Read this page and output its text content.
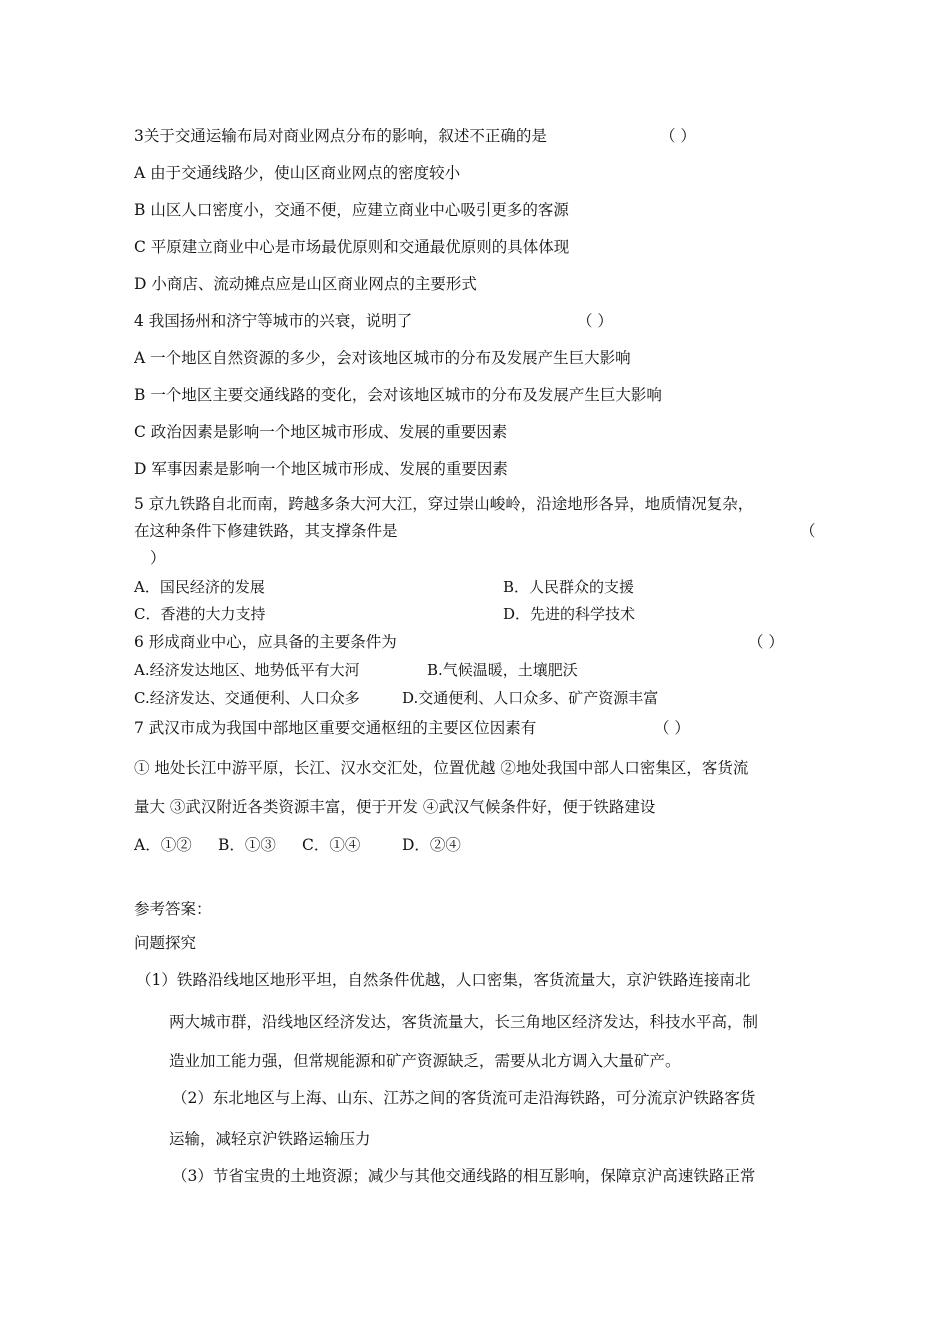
3关于交通运输布局对商业网点分布的影响，叙述不正确的是	（ ）
A 由于交通线路少，使山区商业网点的密度较小
B 山区人口密度小，交通不便，应建立商业中心吸引更多的客源
C 平原建立商业中心是市场最优原则和交通最优原则的具体体现
D 小商店、流动摊点应是山区商业网点的主要形式
4 我国扬州和济宁等城市的兴衰，说明了	（ ）
A 一个地区自然资源的多少，会对该地区城市的分布及发展产生巨大影响
B 一个地区主要交通线路的变化，会对该地区城市的分布及发展产生巨大影响
C 政治因素是影响一个地区城市形成、发展的重要因素
D 军事因素是影响一个地区城市形成、发展的重要因素
5 京九铁路自北而南，跨越多条大河大江，穿过崇山峻岭，沿途地形各异，地质情况复杂，
在这种条件下修建铁路，其支撑条件是	（
）
A．国民经济的发展	B．人民群众的支援
C．香港的大力支持	D．先进的科学技术
6 形成商业中心，应具备的主要条件为	（ ）
A.经济发达地区、地势低平有大河	B.气候温暖，土壤肥沃
C.经济发达、交通便利、人口众多	D.交通便利、人口众多、矿产资源丰富
7 武汉市成为我国中部地区重要交通枢纽的主要区位因素有	（ ）
① 地处长江中游平原，长江、汉水交汇处，位置优越 ②地处我国中部人口密集区，客货流
量大 ③武汉附近各类资源丰富，便于开发 ④武汉气候条件好，便于铁路建设
A．①② B．①③ C．①④	D．②④
参考答案：
问题探究
（1）铁路沿线地区地形平坦，自然条件优越，人口密集，客货流量大，京沪铁路连接南北
两大城市群，沿线地区经济发达，客货流量大，长三角地区经济发达，科技水平高，制
造业加工能力强，但常规能源和矿产资源缺乏，需要从北方调入大量矿产。
（2）东北地区与上海、山东、江苏之间的客货流可走沿海铁路，可分流京沪铁路客货
运输，减轻京沪铁路运输压力
（3）节省宝贵的土地资源；减少与其他交通线路的相互影响，保障京沪高速铁路正常
